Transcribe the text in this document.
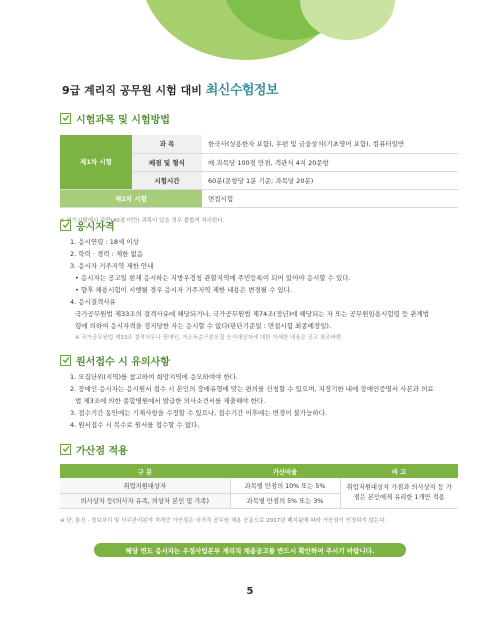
9급 계리직 공무원 시험 대비 최신수험정보
시험과목 및 시험방법
제1차 시험	과 목	한국사(상용한자 포함), 우편 및 금융상식(기초영어 포함), 컴퓨터일반
	배점 및 형식	매 과목당 100점 만점, 객관식 4지 20문항
	시험시간	60분(문항당 1분 기준; 과목당 20분)
제2차 시험		면접시험
※ 필기시험에서 과락(40점 미만) 과목이 있을 경우 불합격 처리한다.
응시자격
1. 응시연령 : 18세 이상
2. 학력 · 경력 : 제한 없음
3. 응시자 거주지역 제한 안내
• 응시자는 공고일 현재 응시하는 지방우정청 관할지역에 주민등록이 되어 있어야 응시할 수 있다.
• 향후 채용시험이 시행될 경우 응시자 거주지역 제한 내용은 변경될 수 있다.
4. 응시결격사유
국가공무원법 제33조의 결격사유에 해당되거나, 국가공무원법 제74조(정년)에 해당되는 자 또는 공무원임용시험령 등 관계법
령에 의하여 응시자격을 정지당한 자는 응시할 수 없다(판단기준일 : 면접시험 최종예정일).
※ 국가공무원법 제33조 결격사유나 장애인, 저소득층구분모집 응시대상자에 대한 자세한 내용은 공고 참조바람
원서접수 시 유의사항
1. 모집단위(지역)를 참고하여 희망지역에 응모하여야 한다.
2. 장애인 응시자는 응시원서 접수 시 본인의 장애유형에 맞는 편의를 신청할 수 있으며, 지정기한 내에 장애인증명서 사본과 의료
법 제3조에 의한 종합병원에서 발급한 의사소견서를 제출해야 한다.
3. 접수기간 동안에는 기재사항을 수정할 수 있으나, 접수기간 이후에는 변경이 불가능하다.
4. 원서접수 시 복수로 원서를 접수할 수 없다.
가산점 적용
구 분	가산비율	비 고
취업지원대상자	과목별 만점의 10% 또는 5%	취업지원대상자 가점과 의사상자 등 가점은 본인에게 유리한 1개만 적용
의사상자 등(의사자 유족, 의상자 본인 및 가족)	과목별 만점의 5% 또는 3%	
※ 단, 통신 · 정보처리 및 사무관리분야 자격증 가산점은 국가직 공무원 채용 공동으로 2017년 폐지됨에 따라 가산점이 인정되지 않는다.
해당 연도 응시자는 우정사업본부 계리직 채용공고를 반드시 확인하여 주시기 바랍니다.
5
